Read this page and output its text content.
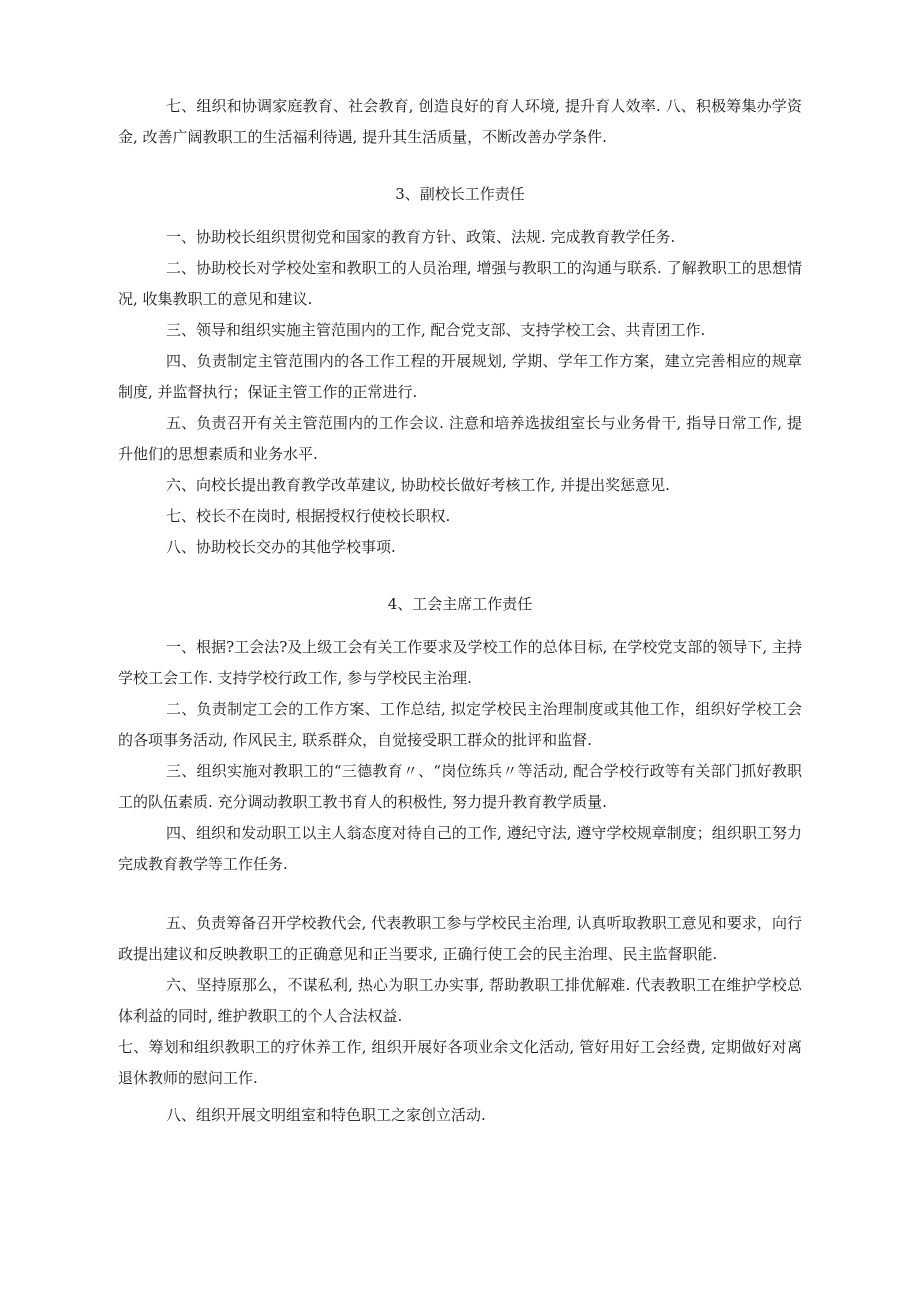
七、组织和协调家庭教育、社会教育, 创造良好的育人环境, 提升育人效率. 八、积极筹集办学资金, 改善广阔教职工的生活福利待遇, 提升其生活质量，不断改善办学条件.

3、副校长工作责任

一、协助校长组织贯彻党和国家的教育方针、政策、法规. 完成教育教学任务.

二、协助校长对学校处室和教职工的人员治理, 增强与教职工的沟通与联系. 了解教职工的思想情况, 收集教职工的意见和建议.

三、领导和组织实施主管范围内的工作, 配合党支部、支持学校工会、共青团工作.

四、负责制定主管范围内的各工作工程的开展规划, 学期、学年工作方案，建立完善相应的规章制度, 并监督执行；保证主管工作的正常进行.

五、负责召开有关主管范围内的工作会议. 注意和培养选拔组室长与业务骨干, 指导日常工作, 提升他们的思想素质和业务水平.

六、向校长提出教育教学改革建议, 协助校长做好考核工作, 并提出奖惩意见.

七、校长不在岗时, 根据授权行使校长职权.

八、协助校长交办的其他学校事项.

4、工会主席工作责任

一、根据?工会法?及上级工会有关工作要求及学校工作的总体目标, 在学校党支部的领导下, 主持学校工会工作. 支持学校行政工作, 参与学校民主治理.

二、负责制定工会的工作方案、工作总结, 拟定学校民主治理制度或其他工作，组织好学校工会的各项事务活动, 作风民主, 联系群众，自觉接受职工群众的批评和监督.

三、组织实施对教职工的“三德教育〃、“岗位练兵〃等活动, 配合学校行政等有关部门抓好教职工的队伍素质. 充分调动教职工教书育人的积极性, 努力提升教育教学质量.

四、组织和发动职工以主人翁态度对待自己的工作, 遵纪守法, 遵守学校规章制度；组织职工努力完成教育教学等工作任务.

五、负责筹备召开学校教代会, 代表教职工参与学校民主治理, 认真听取教职工意见和要求，向行政提出建议和反映教职工的正确意见和正当要求, 正确行使工会的民主治理、民主监督职能.

六、坚持原那么，不谋私利, 热心为职工办实事, 帮助教职工排优解难. 代表教职工在维护学校总体利益的同时, 维护教职工的个人合法权益.

七、筹划和组织教职工的疗休养工作, 组织开展好各项业余文化活动, 管好用好工会经费, 定期做好对离退休教师的慰问工作.

八、组织开展文明组室和特色职工之家创立活动.
